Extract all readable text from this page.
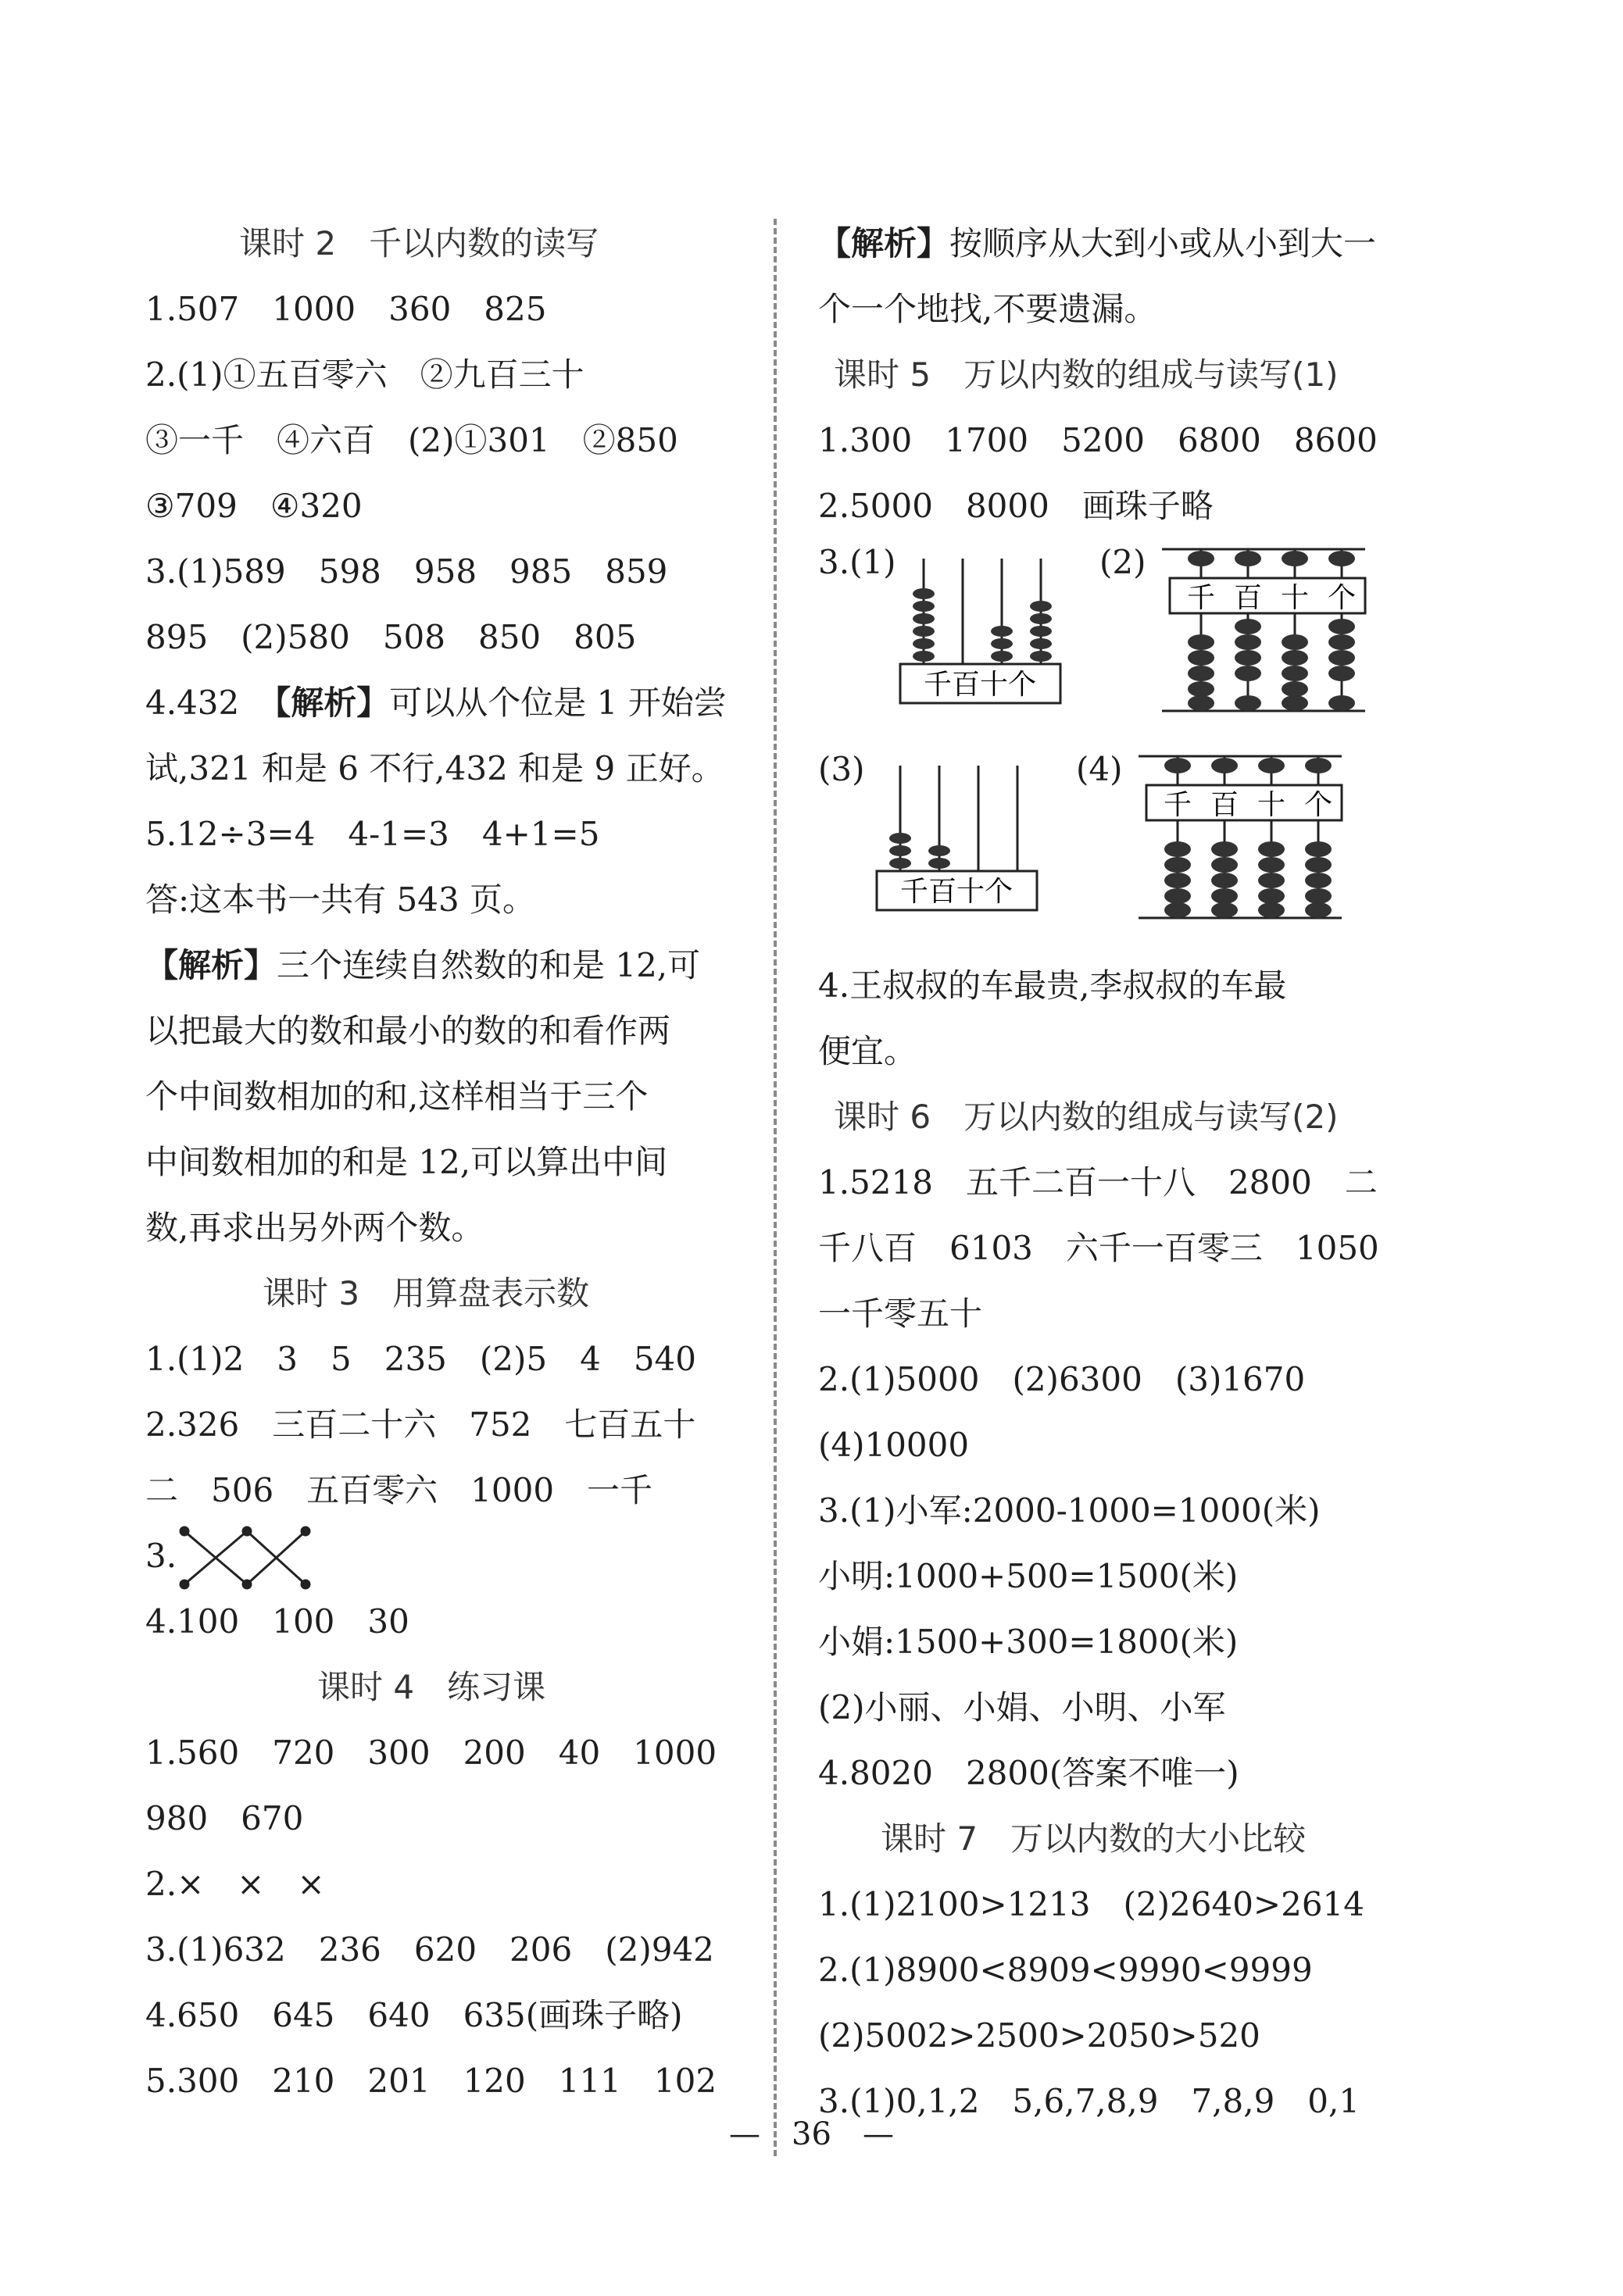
课时 2　千以内数的读写
1.507　1000　360　825
2.(1)①五百零六　②九百三十
③一千　④六百　(2)①301　②850
③709　④320
3.(1)589　598　958　985　859
895　(2)580　508　850　805
4.432 【解析】可以从个位是 1 开始尝
试,321 和是 6 不行,432 和是 9 正好。
5.12÷3=4　4-1=3　4+1=5
答:这本书一共有 543 页。
【解析】三个连续自然数的和是 12,可
以把最大的数和最小的数的和看作两
个中间数相加的和,这样相当于三个
中间数相加的和是 12,可以算出中间
数,再求出另外两个数。
课时 3　用算盘表示数
1.(1)2　3　5　235　(2)5　4　540
2.326　三百二十六　752　七百五十
二　506　五百零六　1000　一千
3.
4.100　100　30
课时 4　练习课
1.560　720　300　200　40　1000
980　670
2.×　×　×
3.(1)632　236　620　206　(2)942
4.650　645　640　635(画珠子略)
5.300　210　201　120　111　102
【解析】按顺序从大到小或从小到大一
个一个地找,不要遗漏。
课时 5　万以内数的组成与读写(1)
1.300　1700　5200　6800　8600
2.5000　8000　画珠子略
3.(1)
千百十个
(2)
千 百 十 个
(3)
千百十个
(4)
千 百 十 个
4.王叔叔的车最贵,李叔叔的车最
便宜。
课时 6　万以内数的组成与读写(2)
1.5218　五千二百一十八　2800　二
千八百　6103　六千一百零三　1050
一千零五十
2.(1)5000　(2)6300　(3)1670
(4)10000
3.(1)小军:2000-1000=1000(米)
小明:1000+500=1500(米)
小娟:1500+300=1800(米)
(2)小丽、小娟、小明、小军
4.8020　2800(答案不唯一)
课时 7　万以内数的大小比较
1.(1)2100>1213　(2)2640>2614
2.(1)8900<8909<9990<9999
(2)5002>2500>2050>520
3.(1)0,1,2　5,6,7,8,9　7,8,9　0,1
—　36　—
